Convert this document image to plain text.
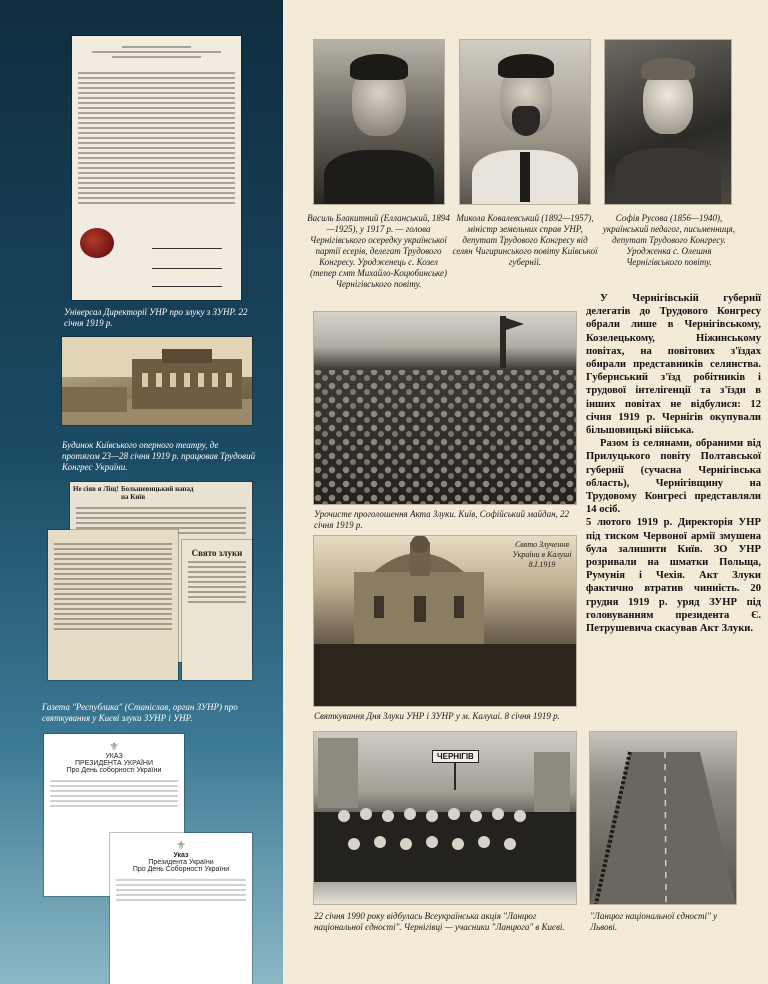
Універсал Директорії УНР про злуку з ЗУНР. 22 січня 1919 р.
Будинок Київського оперного театру, де протягом 23—28 січня 1919 р. працював Трудовий Конгрес України.
Не сіяв я Ліщ! Большевицький напад на Київ
Свято злуки
Газета "Республика" (Станіслав, орган ЗУНР) про святкування у Києві злуки ЗУНР і УНР.
⚜
УКАЗ
ПРЕЗИДЕНТА УКРАЇНИ
Про День соборності України
⚜
Указ
Президента України
Про День Соборності України
Василь Блакитний (Елланський, 1894—1925), у 1917 р. — голова Чернігівського осередку української партії есерів, делегат Трудового Конгресу. Уродженець с. Козел (тепер смт Михайло-Коцюбинське) Чернігівського повіту.
Микола Ковалевський (1892—1957), міністр земельних справ УНР, депутат Трудового Конгресу від селян Чигиринського повіту Київської губернії.
Софія Русова (1856—1940), український педагог, письменниця, депутат Трудового Конгресу. Уродженка с. Олешня Чернігівського повіту.
Урочисте проголошення Акта Злуки. Київ, Софійський майдан, 22 січня 1919 р.
Свято Злучення України в Калуші 8.І.1919
Святкування Дня Злуки УНР і ЗУНР у м. Калуші. 8 січня 1919 р.

У Чернігівській губернії делегатів до Трудового Конгресу обрали лише в Чернігівському, Козелецькому, Ніжинському повітах, на повітових з'їздах обирали представників селянства. Губернський з'їзд робітників і трудової інтелігенції та з'їзди в інших повітах не відбулися: 12 січня 1919 р. Чернігів окупували більшовицькі війська.

Разом із селянами, обраними від Прилуцького повіту Полтавської губернії (сучасна Чернігівська область), Чернігівщину на Трудовому Конгресі представляли 14 осіб.

5 лютого 1919 р. Директорія УНР під тиском Червоної армії змушена була залишити Київ. ЗО УНР розривали на шматки Польща, Румунія і Чехія. Акт Злуки фактично втратив чинність. 20 грудня 1919 р. уряд ЗУНР під головуванням президента Є. Петрушевича скасував Акт Злуки.

ЧЕРНІГІВ
22 січня 1990 року відбулась Всеукраїнська акція "Ланцюг національної єдності". Чернігівці — учасники "Ланцюга" в Києві.
"Ланцюг національної єдності" у Львові.
